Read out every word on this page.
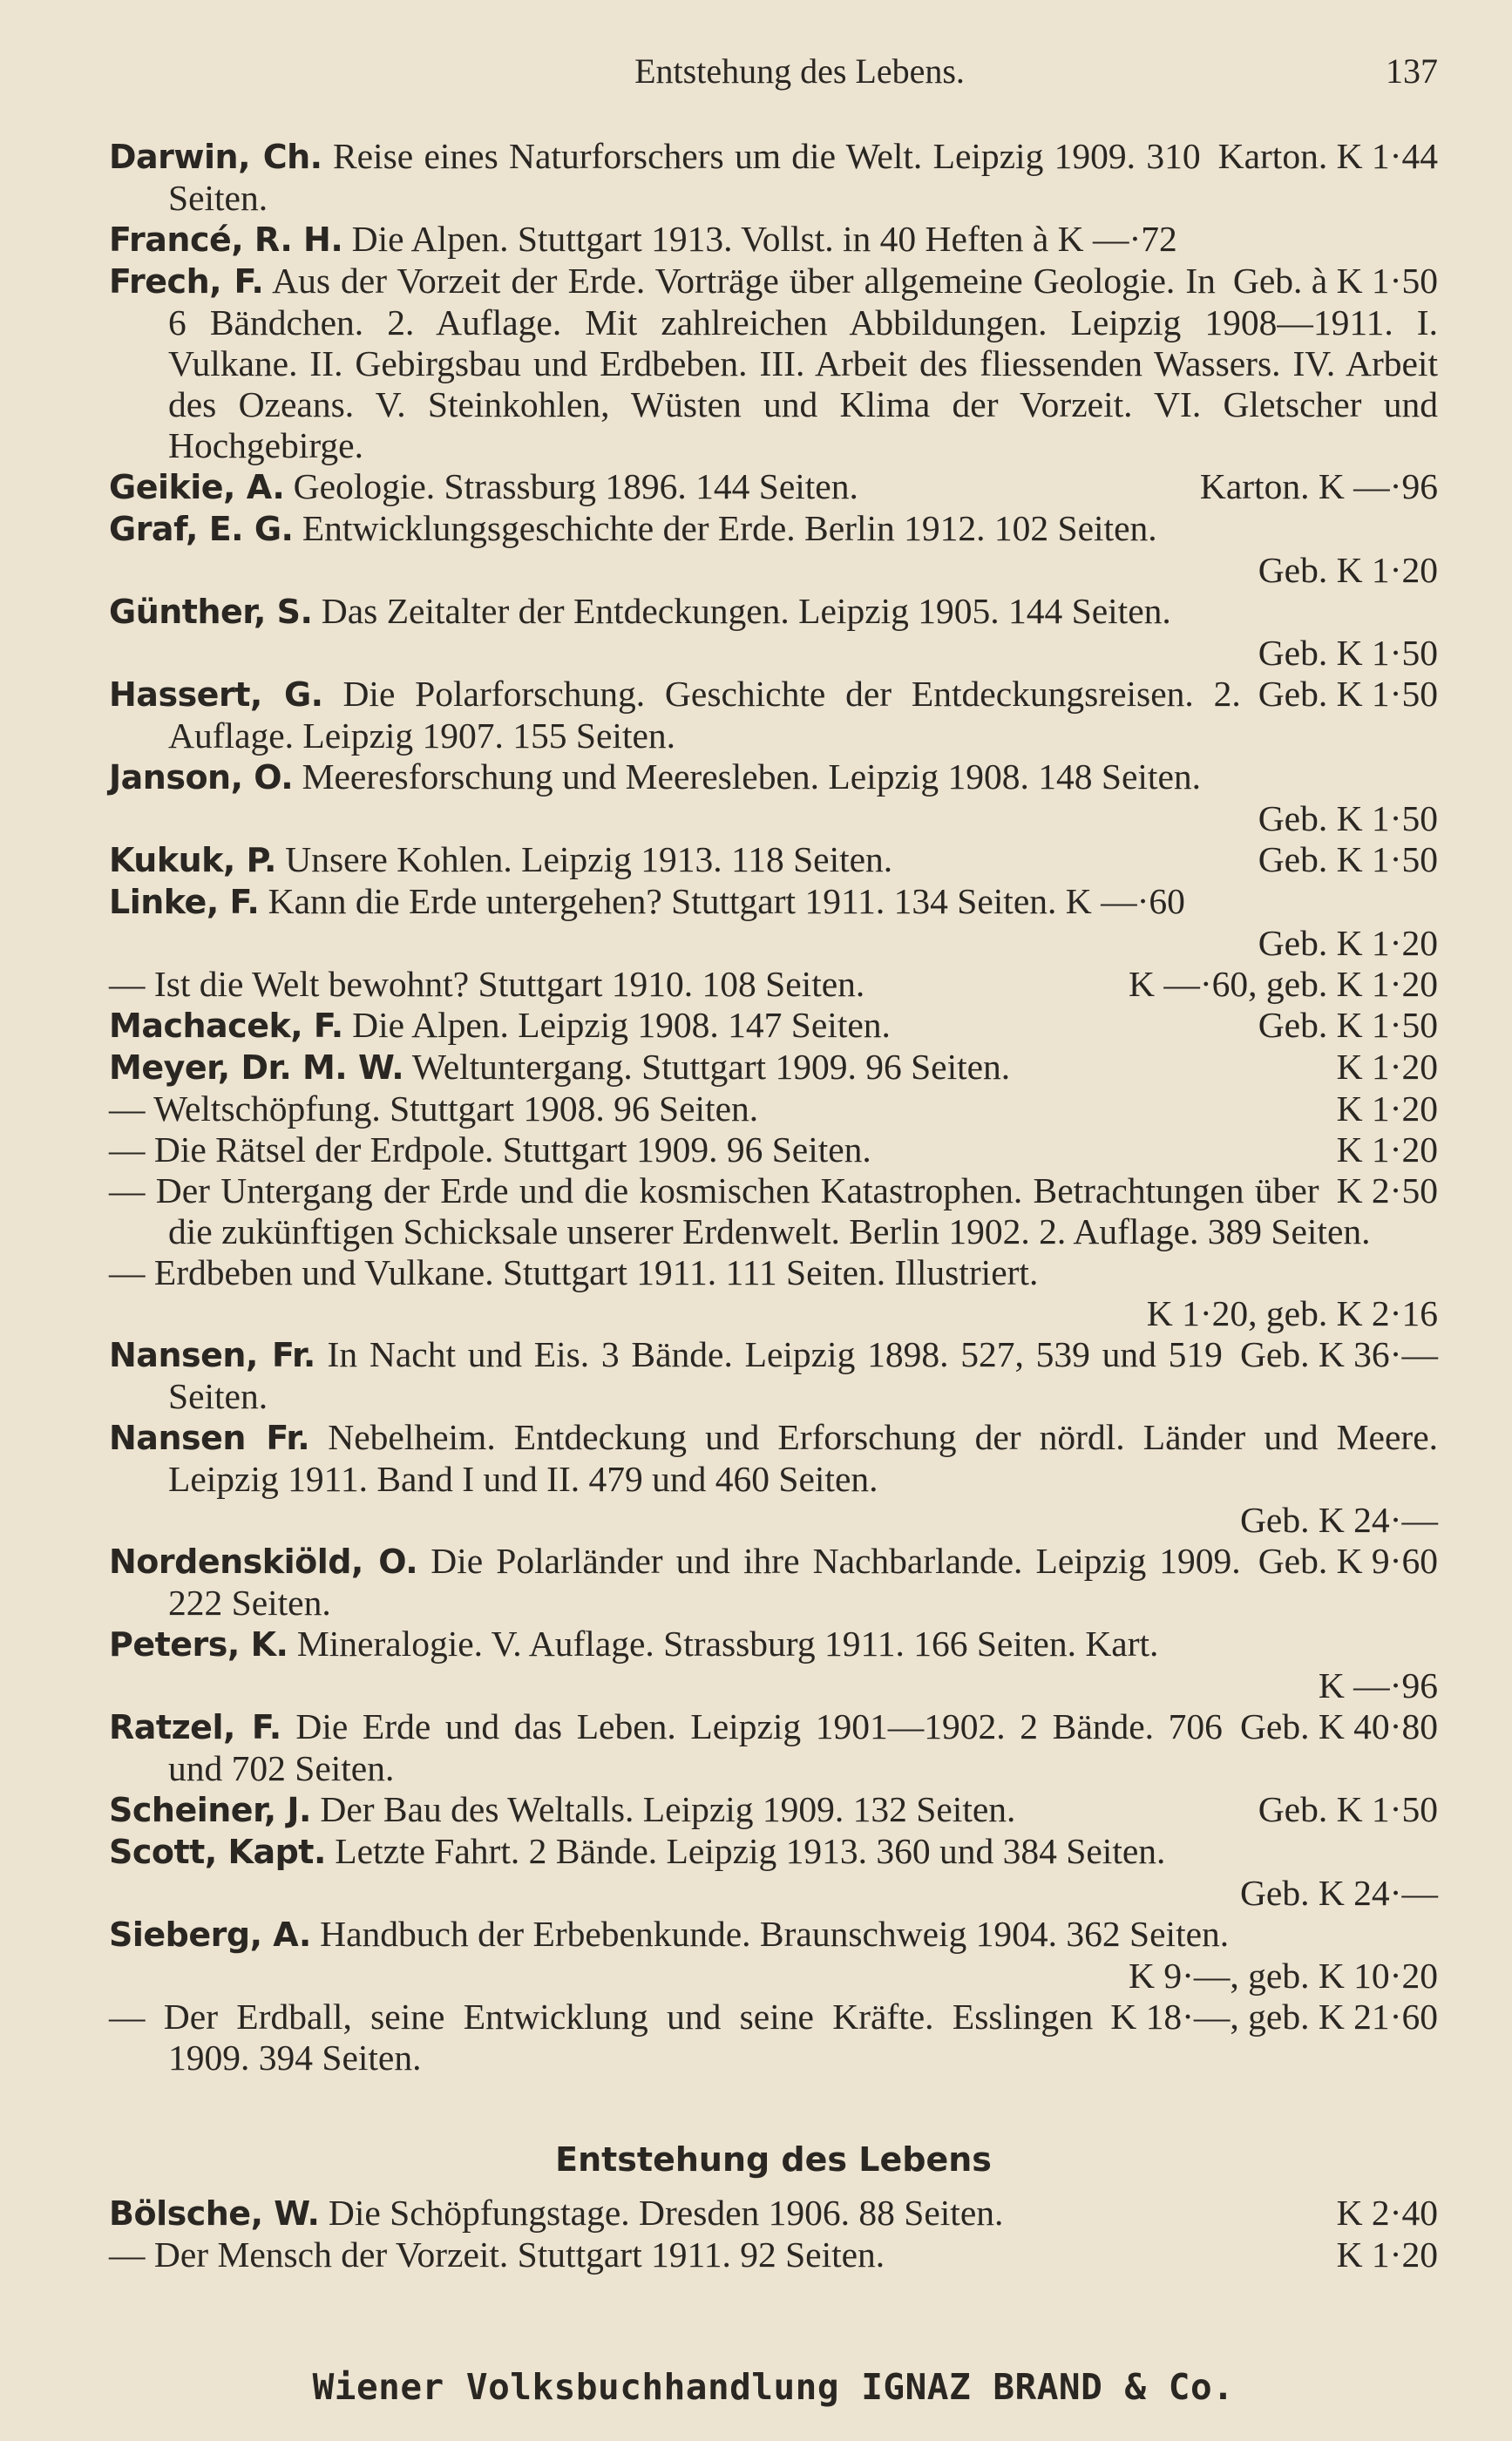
Entstehung des Lebens.	137
Karton. K 1·44
Darwin, Ch. Reise eines Naturforschers um die Welt. Leipzig 1909. 310 Seiten.
Francé, R. H. Die Alpen. Stuttgart 1913. Vollst. in 40 Heften à K —·72
Geb. à K 1·50
Frech, F. Aus der Vorzeit der Erde. Vorträge über allgemeine Geologie. In 6 Bändchen. 2. Auflage. Mit zahlreichen Abbildungen. Leipzig 1908—1911. I. Vulkane. II. Gebirgsbau und Erdbeben. III. Arbeit des fliessenden Wassers. IV. Arbeit des Ozeans. V. Steinkohlen, Wüsten und Klima der Vorzeit. VI. Gletscher und Hochgebirge.
Karton. K —·96
Geikie, A. Geologie. Strassburg 1896. 144 Seiten.
Graf, E. G. Entwicklungsgeschichte der Erde. Berlin 1912. 102 Seiten.
Geb. K 1·20
Günther, S. Das Zeitalter der Entdeckungen. Leipzig 1905. 144 Seiten.
Geb. K 1·50
Geb. K 1·50
Hassert, G. Die Polarforschung. Geschichte der Entdeckungsreisen. 2. Auflage. Leipzig 1907. 155 Seiten.
Janson, O. Meeresforschung und Meeresleben. Leipzig 1908. 148 Seiten.
Geb. K 1·50
Geb. K 1·50
Kukuk, P. Unsere Kohlen. Leipzig 1913. 118 Seiten.
Linke, F. Kann die Erde untergehen? Stuttgart 1911. 134 Seiten. K —·60
Geb. K 1·20
K —·60, geb. K 1·20
— Ist die Welt bewohnt? Stuttgart 1910. 108 Seiten.
Geb. K 1·50
Machacek, F. Die Alpen. Leipzig 1908. 147 Seiten.
K 1·20
Meyer, Dr. M. W. Weltuntergang. Stuttgart 1909. 96 Seiten.
K 1·20
— Weltschöpfung. Stuttgart 1908. 96 Seiten.
K 1·20
— Die Rätsel der Erdpole. Stuttgart 1909. 96 Seiten.
K 2·50
— Der Untergang der Erde und die kosmischen Katastrophen. Betrachtungen über die zukünftigen Schicksale unserer Erdenwelt. Berlin 1902. 2. Auflage. 389 Seiten.
— Erdbeben und Vulkane. Stuttgart 1911. 111 Seiten. Illustriert.
K 1·20, geb. K 2·16
Geb. K 36·—
Nansen, Fr. In Nacht und Eis. 3 Bände. Leipzig 1898. 527, 539 und 519 Seiten.
Nansen Fr. Nebelheim. Entdeckung und Erforschung der nördl. Länder und Meere. Leipzig 1911. Band I und II. 479 und 460 Seiten.
Geb. K 24·—
Geb. K 9·60
Nordenskiöld, O. Die Polarländer und ihre Nachbarlande. Leipzig 1909. 222 Seiten.
Peters, K. Mineralogie. V. Auflage. Strassburg 1911. 166 Seiten. Kart.
K —·96
Geb. K 40·80
Ratzel, F. Die Erde und das Leben. Leipzig 1901—1902. 2 Bände. 706 und 702 Seiten.
Geb. K 1·50
Scheiner, J. Der Bau des Weltalls. Leipzig 1909. 132 Seiten.
Scott, Kapt. Letzte Fahrt. 2 Bände. Leipzig 1913. 360 und 384 Seiten.
Geb. K 24·—
Sieberg, A. Handbuch der Erbebenkunde. Braunschweig 1904. 362 Seiten.
K 9·—, geb. K 10·20
K 18·—, geb. K 21·60
— Der Erdball, seine Entwicklung und seine Kräfte. Esslingen 1909. 394 Seiten.
Entstehung des Lebens
K 2·40
Bölsche, W. Die Schöpfungstage. Dresden 1906. 88 Seiten.
K 1·20
— Der Mensch der Vorzeit. Stuttgart 1911. 92 Seiten.
Wiener Volksbuchhandlung IGNAZ BRAND & Co.
